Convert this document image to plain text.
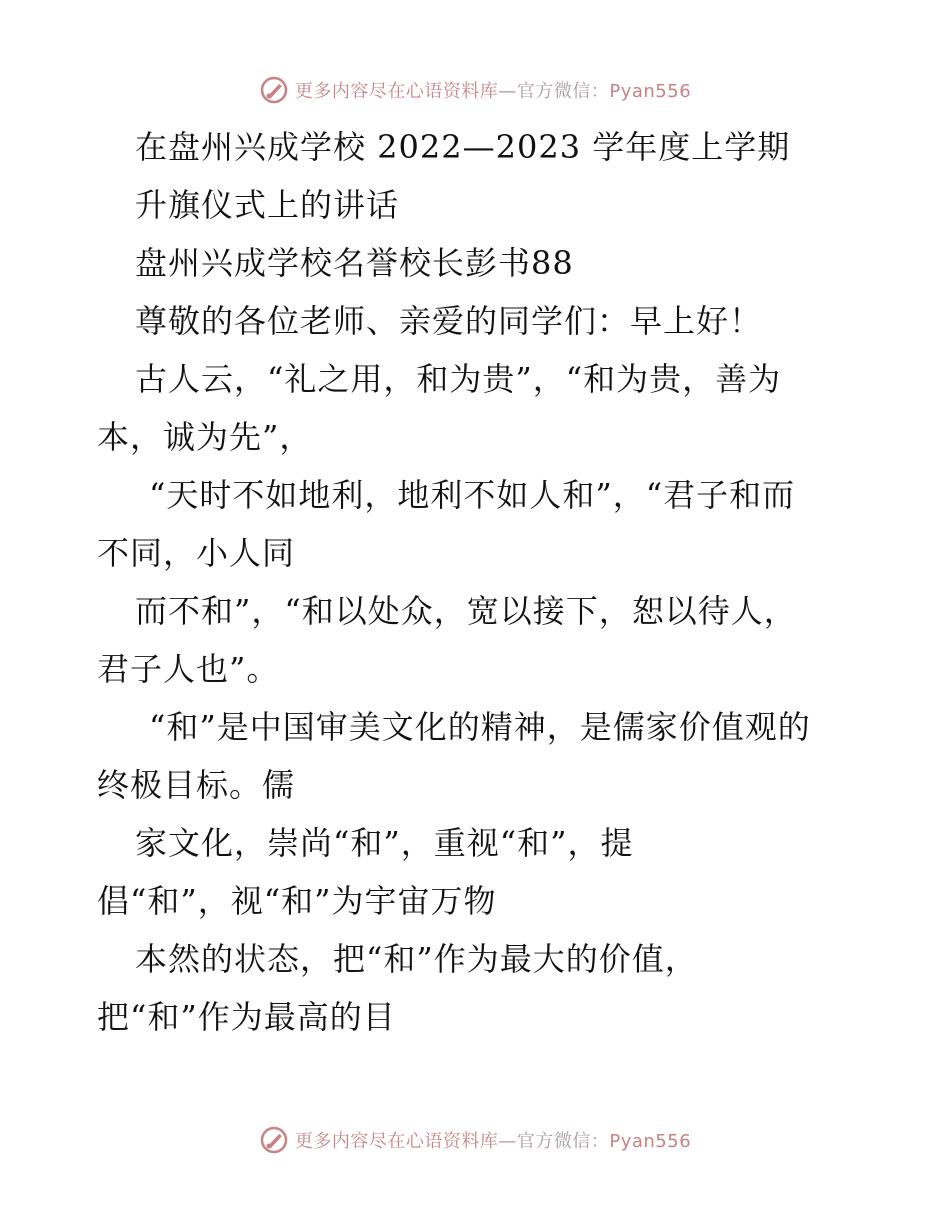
更多内容尽在心语资料库—官方微信：Pyan556
在盘州兴成学校 2022—2023 学年度上学期
升旗仪式上的讲话
盘州兴成学校名誉校长彭书88
尊敬的各位老师、亲爱的同学们：早上好！
古人云，“礼之用，和为贵”，“和为贵，善为
本，诚为先”，
“天时不如地利，地利不如人和”，“君子和而
不同，小人同
而不和”，“和以处众，宽以接下，恕以待人，
君子人也”。
“和”是中国审美文化的精神，是儒家价值观的
终极目标。儒
家文化，崇尚“和”，重视“和”，提
倡“和”，视“和”为宇宙万物
本然的状态，把“和”作为最大的价值，
把“和”作为最高的目
更多内容尽在心语资料库—官方微信：Pyan556
